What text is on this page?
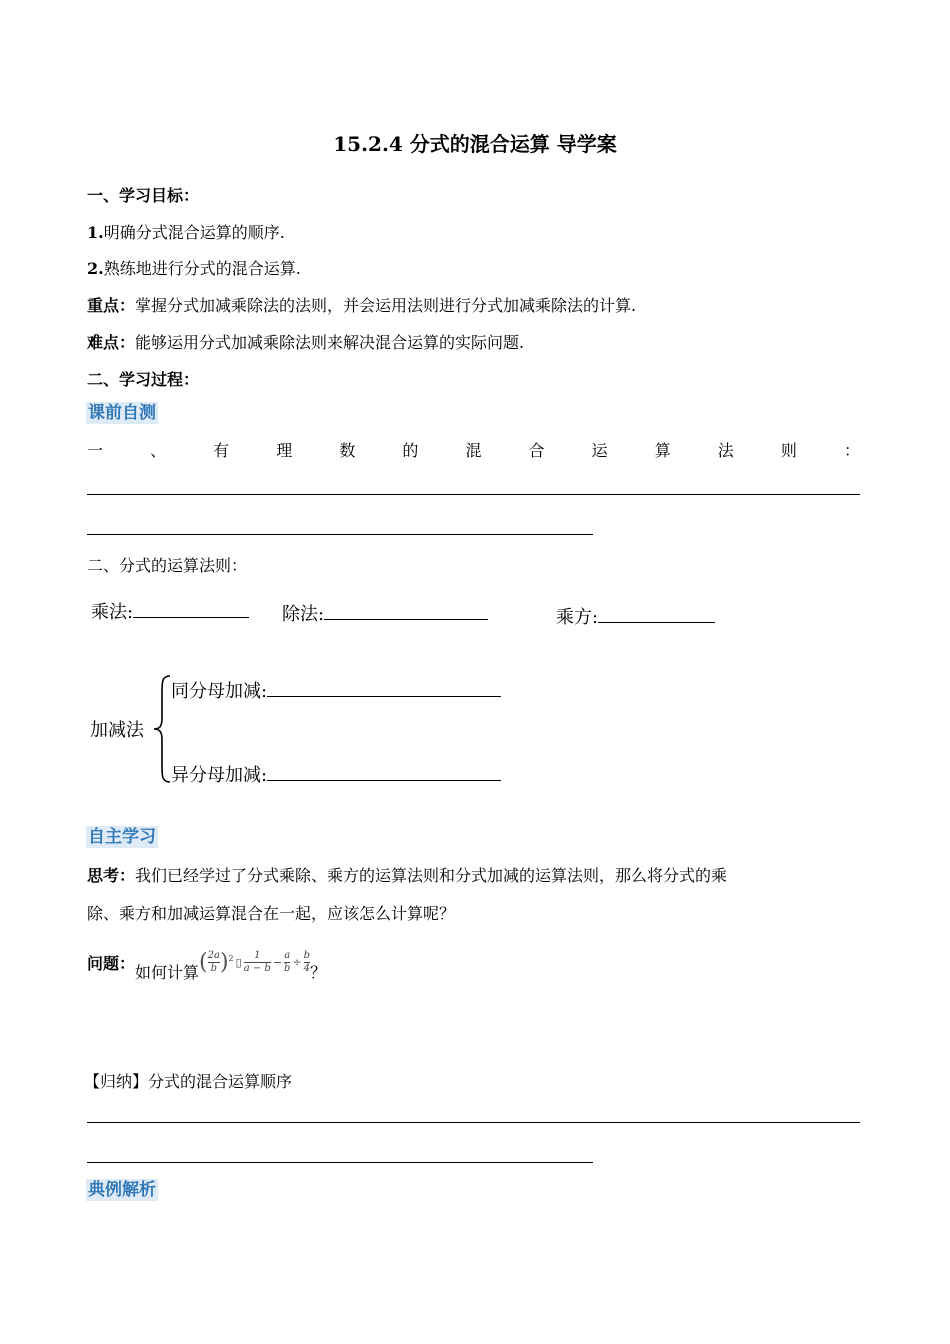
15.2.4 分式的混合运算 导学案
一、学习目标：
1.明确分式混合运算的顺序.
2.熟练地进行分式的混合运算.
重点：掌握分式加减乘除法的法则，并会运用法则进行分式加减乘除法的计算.
难点：能够运用分式加减乘除法则来解决混合运算的实际问题.
二、学习过程：
课前自测
一	、	有	理	数	的	混	合	运	算	法	则	：
二、分式的运算法则：
乘法:	除法:	乘方:
加减法
同分母加减:
异分母加减:
自主学习
思考：我们已经学过了分式乘除、乘方的运算法则和分式加减的运算法则，那么将分式的乘
除、乘方和加减运算混合在一起，应该怎么计算呢？
问题： 如何计算 ( $\frac{2a}{b} )^2$ ▯ $\frac{1}{a - b} - \frac{a}{b} \div \frac{b}{4}$ ？
【归纳】分式的混合运算顺序
典例解析
